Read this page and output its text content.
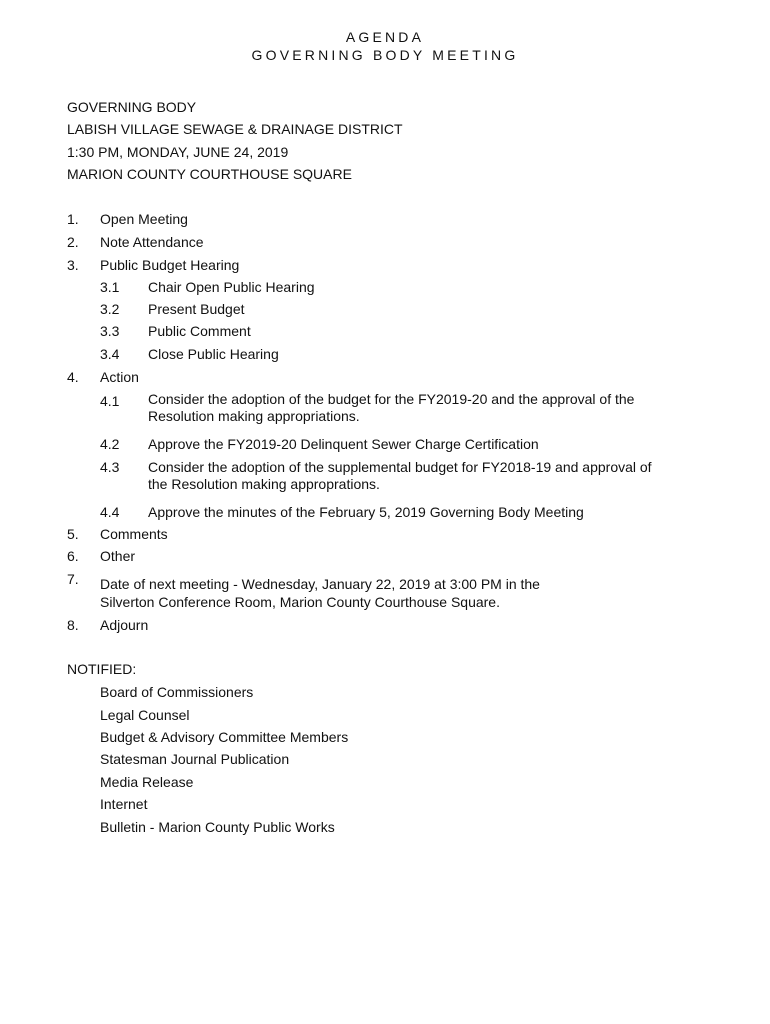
AGENDA
GOVERNING BODY MEETING
GOVERNING BODY
LABISH VILLAGE SEWAGE & DRAINAGE DISTRICT
1:30 PM, MONDAY, JUNE 24, 2019
MARION COUNTY COURTHOUSE SQUARE
1. Open Meeting
2. Note Attendance
3. Public Budget Hearing
3.1 Chair Open Public Hearing
3.2 Present Budget
3.3 Public Comment
3.4 Close Public Hearing
4. Action
4.1 Consider the adoption of the budget for the FY2019-20 and the approval of the
Resolution making appropriations.
4.2 Approve the FY2019-20 Delinquent Sewer Charge Certification
4.3 Consider the adoption of the supplemental budget for FY2018-19 and approval of
the Resolution making approprations.
4.4 Approve the minutes of the February 5, 2019 Governing Body Meeting
5. Comments
6. Other
7. Date of next meeting - Wednesday, January 22, 2019 at 3:00 PM in the
Silverton Conference Room, Marion County Courthouse Square.
8. Adjourn
NOTIFIED:
Board of Commissioners
Legal Counsel
Budget & Advisory Committee Members
Statesman Journal Publication
Media Release
Internet
Bulletin - Marion County Public Works
